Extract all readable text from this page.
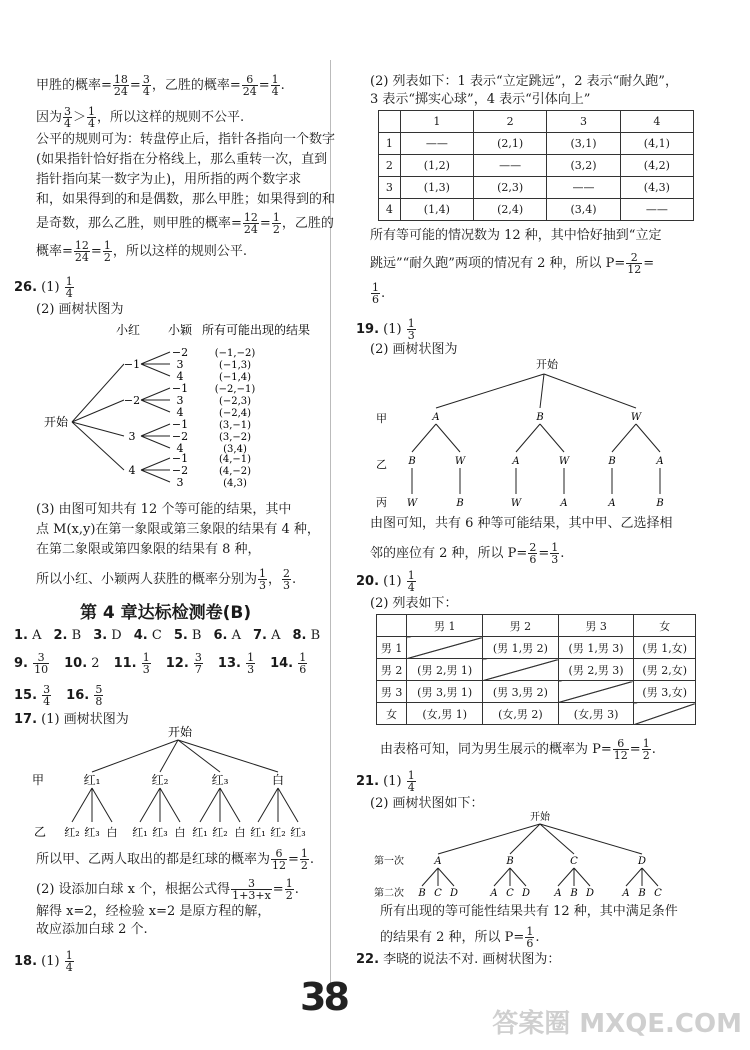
甲胜的概率= $\frac{18}{24} = \frac{3}{4}$ ，乙胜的概率= $\frac{6}{24} = \frac{1}{4}$ .
因为 $\frac{3}{4} > \frac{1}{4}$ ，所以这样的规则不公平.
公平的规则可为：转盘停止后，指针各指向一个数字
(如果指针恰好指在分格线上，那么重转一次，直到
指针指向某一数字为止)，用所指的两个数字求
和，如果得到的和是偶数，那么甲胜；如果得到的和
是奇数，那么乙胜，则甲胜的概率= $\frac{12}{24} = \frac{1}{2}$ ，乙胜的
概率= $\frac{12}{24} = \frac{1}{2}$ ，所以这样的规则公平.
26. $(1) \frac{1}{4}$
(2) 画树状图为
小红 小颖 所有可能出现的结果
开始
−1
−2	(−1,−2)
3	(−1,3)
4	(−1,4)
−2
−1	(−2,−1)
3	(−2,3)
4	(−2,4)
3
−1	(3,−1)
−2	(3,−2)
4	(3,4)
4
−1	(4,−1)
−2	(4,−2)
3	(4,3)
(3) 由图可知共有 12 个等可能的结果，其中
点 M(x,y)在第一象限或第三象限的结果有 4 种，
在第二象限或第四象限的结果有 8 种，
所以小红、小颖两人获胜的概率分别为 $\frac{1}{3}$ ， $\frac{2}{3}$ .
第 4 章达标检测卷(B)
1. A 2. B 3. D 4. C 5. B 6. A 7. A 8. B
9. $\frac{3}{10} 10$. 2 11. $\frac{1}{3} 12$. $\frac{3}{7} 13$. $\frac{1}{3} 14$. $\frac{1}{6}$
15. $\frac{3}{4} 16$. $\frac{5}{8}$
17. (1) 画树状图为
开始
甲
乙
红₁
红₂ 红₃ 白
红₂
红₁ 红₃ 白
红₃
红₁ 红₂ 白
白
红₁ 红₂ 红₃
所以甲、乙两人取出的都是红球的概率为 $\frac{6}{12} = \frac{1}{2}$ .
(2) 设添加白球 x 个，根据公式得 $\frac{3}{1+3+x} = \frac{1}{2}$ .
解得 x=2，经检验 x=2 是原方程的解，
故应添加白球 2 个.
18. $(1) \frac{1}{4}$
(2) 列表如下：1 表示“立定跳远”，2 表示“耐久跑”，
3 表示“掷实心球”，4 表示“引体向上”
	1	2	3	4
1	——	(2,1)	(3,1)	(4,1)
2	(1,2)	——	(3,2)	(4,2)
3	(1,3)	(2,3)	——	(4,3)
4	(1,4)	(2,4)	(3,4)	——
所有等可能的情况数为 12 种，其中恰好抽到“立定
跳远”“耐久跑”两项的情况有 2 种，所以 $P= \frac{2}{12}$ =
$\frac{1}{6}$ .
19. $(1) \frac{1}{3}$
(2) 画树状图为
开始
甲
乙
丙
A
B
W
W
B
B
A
W
W
A
W
B
A
A
B
由图可知，共有 6 种等可能结果，其中甲、乙选择相
邻的座位有 2 种，所以 $P= \frac{2}{6} = \frac{1}{3}$ .
20. $(1) \frac{1}{4}$
(2) 列表如下：
	男 1	男 2	男 3	女
男 1		(男 1,男 2)	(男 1,男 3)	(男 1,女)
男 2	(男 2,男 1)		(男 2,男 3)	(男 2,女)
男 3	(男 3,男 1)	(男 3,男 2)		(男 3,女)
女	(女,男 1)	(女,男 2)	(女,男 3)	
由表格可知，同为男生展示的概率为 $P= \frac{6}{12} = \frac{1}{2}$ .
21. $(1) \frac{1}{4}$
(2) 画树状图如下：
开始
第一次
第二次
A
B C D
B
A C D
C
A B D
D
A B C
所有出现的等可能性结果共有 12 种，其中满足条件
的结果有 2 种，所以 $P= \frac{1}{6}$ .
22. 李晓的说法不对. 画树状图为：
38
答案圈 MXQE.COM
